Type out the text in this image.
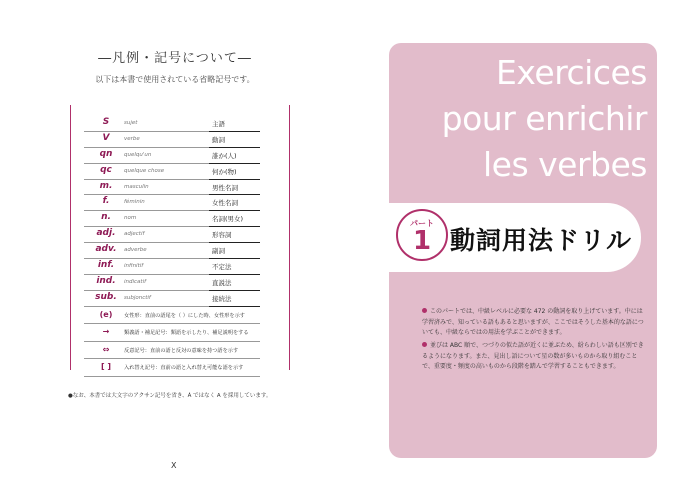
―凡例・記号について―
以下は本書で使用されている省略記号です。
S	sujet	主語
V	verbe	動詞
qn	quelqu'un	誰か(人)
qc	quelque chose	何か(物)
m.	masculin	男性名詞
f.	féminin	女性名詞
n.	nom	名詞(男女)
adj.	adjectif	形容詞
adv.	adverbe	副詞
inf.	infinitif	不定法
ind.	indicatif	直説法
sub.	subjonctif	接続法
(e)	女性形：直前の語尾を（ ）にした時、女性形を示す
→	類義語・補足記号：類語を示したり、補足説明をする
⇔	反意記号：直前の語と反対の意味を持つ語を示す
[ ]	入れ替え記号：直前の語と入れ替え可能な語を示す
●なお、本書では大文字のアクサン記号を省き、Á ではなく A を採用しています。
X
Exercices
pour enrichir
les verbes
パート
1 動詞用法ドリル
このパートでは、中級レベルに必要な 472 の動詞を取り上げています。中には学習済みで、知っている語もあると思いますが、ここではそうした基本的な語についても、中級ならではの用法を学ぶことができます。
並びは ABC 順で、つづりの似た語が近くに並ぶため、紛らわしい語も区別できるようになります。また、見出し語について星の数が多いものから取り組むことで、重要度・頻度の高いものから段階を踏んで学習することもできます。
